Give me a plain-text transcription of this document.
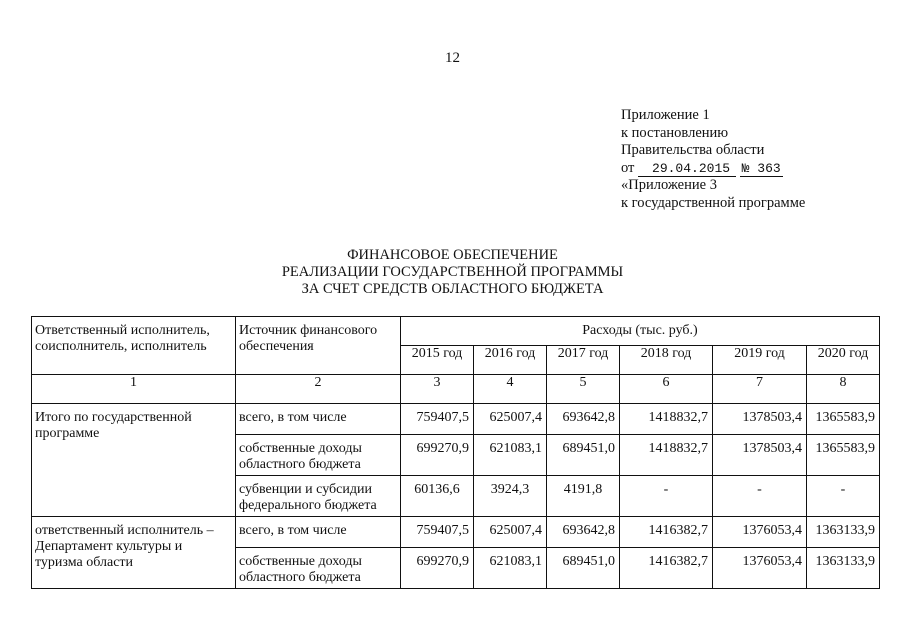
12
Приложение 1
к постановлению
Правительства области
от 29.04.2015 № 363
«Приложение 3
к государственной программе
ФИНАНСОВОЕ ОБЕСПЕЧЕНИЕ
РЕАЛИЗАЦИИ ГОСУДАРСТВЕННОЙ ПРОГРАММЫ
ЗА СЧЕТ СРЕДСТВ ОБЛАСТНОГО БЮДЖЕТА
Ответственный исполнитель, соисполнитель, исполнитель	Источник финансового обеспечения	Расходы (тыс. руб.)					
		2015 год	2016 год	2017 год	2018 год	2019 год	2020 год
1	2	3	4	5	6	7	8
Итого по государственной программе	всего, в том числе	759407,5	625007,4	693642,8	1418832,7	1378503,4	1365583,9
	собственные доходы областного бюджета	699270,9	621083,1	689451,0	1418832,7	1378503,4	1365583,9
	субвенции и субсидии федерального бюджета	60136,6	3924,3	4191,8	-	-	-
ответственный исполнитель – Департамент культуры и туризма области	всего, в том числе	759407,5	625007,4	693642,8	1416382,7	1376053,4	1363133,9
	собственные доходы областного бюджета	699270,9	621083,1	689451,0	1416382,7	1376053,4	1363133,9
